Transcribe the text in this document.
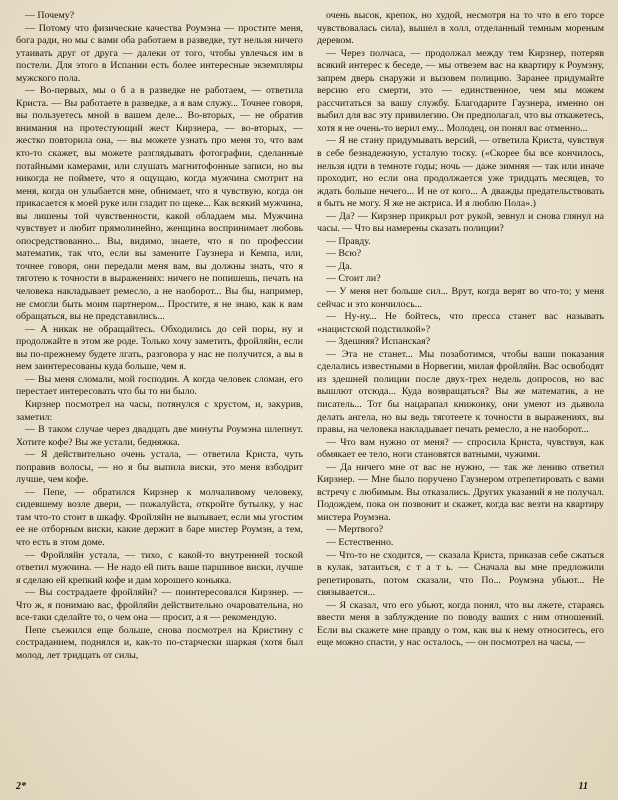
— Почему?

— Потому что физические качества Роумэна — простите меня, бога ради, но мы с вами оба работаем в разведке, тут нельзя ничего утаивать друг от друга — далеки от того, чтобы увлечься им в постели. Для этого в Испании есть более интересные экземпляры мужского пола.

— Во-первых, мы о б а в разведке не работаем, — ответила Криста. — Вы работаете в разведке, а я вам служу... Точнее говоря, вы пользуетесь мной в вашем деле... Во-вторых, — не обратив внимания на протестующий жест Кирзнера, — во-вторых, — жестко повторила она, — вы можете узнать про меня то, что вам кто-то скажет, вы можете разглядывать фотографии, сделанные потайными камерами, или слушать магнитофонные записи, но вы никогда не поймете, что я ощущаю, когда мужчина смотрит на меня, когда он улыбается мне, обнимает, что я чувствую, когда он прикасается к моей руке или гладит по щеке... Как всякий мужчина, вы лишены той чувственности, какой обладаем мы. Мужчина чувствует и любит прямолинейно, женщина воспринимает любовь опосредствованно... Вы, видимо, знаете, что я по профессии математик, так что, если вы замените Гаузнера и Кемпа, или, точнее говоря, они передали меня вам, вы должны знать, что я тяготею к точности в выражениях: ничего не попишешь, печать на человека накладывает ремесло, а не наоборот... Вы бы, например, не смогли быть моим партнером... Простите, я не знаю, как к вам обращаться, вы не представились...

— А никак не обращайтесь. Обходились до сей поры, ну и продолжайте в этом же роде. Только хочу заметить, фройляйн, если вы по-прежнему будете лгать, разговора у нас не получится, а вы в нем заинтересованы куда больше, чем я.

— Вы меня сломали, мой господин. А когда человек сломан, его перестает интересовать что бы то ни было.

Кирзнер посмотрел на часы, потянулся с хрустом, и, закурив, заметил:

— В таком случае через двадцать две минуты Роумэна шлепнут. Хотите кофе? Вы же устали, бедняжка.

— Я действительно очень устала, — ответила Криста, чуть поправив волосы, — но я бы выпила виски, это меня взбодрит лучше, чем кофе.

— Пепе, — обратился Кирзнер к молчаливому человеку, сидевшему возле двери, — пожалуйста, откройте бутылку, у нас там что-то стоит в шкафу. Фройляйн не вызывает, если мы угостим ее не отборным виски, какие держит в баре мистер Роумэн, а тем, что есть в этом доме.

— Фройляйн устала, — тихо, с какой-то внутренней тоской ответил мужчина. — Не надо ей пить ваше паршивое виски, лучше я сделаю ей крепкий кофе и дам хорошего коньяка.

— Вы сострадаете фройляйн? — поинтересовался Кирзнер. — Что ж, я понимаю вас, фройляйн действительно очаровательна, но все-таки сделайте то, о чем она — просит, а я — рекомендую.

Пепе съежился еще больше, снова посмотрел на Кристину с состраданием, поднялся и, как-то по-старчески шаркая (хотя был молод, лет тридцать от силы,

очень высок, крепок, но худой, несмотря на то что в его торсе чувствовалась сила), вышел в холл, отделанный темным мореным деревом.

— Через полчаса, — продолжал между тем Кирзнер, потеряв всякий интерес к беседе, — мы отвезем вас на квартиру к Роумэну, запрем дверь снаружи и вызовем полицию. Заранее придумайте версию его смерти, это — единственное, чем мы можем рассчитаться за вашу службу. Благодарите Гаузнера, именно он выбил для вас эту привилегию. Он предполагал, что вы откажетесь, хотя я не очень-то верил ему... Молодец, он понял вас отменно...

— Я не стану придумывать версий, — ответила Криста, чувствуя в себе безнадежную, усталую тоску. («Скорее бы все кончилось, нельзя идти в темноте годы; ночь — даже зимняя — так или иначе проходит, но если она продолжается уже тридцать месяцев, то ждать больше нечего... И не от кого... А дважды предательствовать я быть не могу. Я же не актриса. И я люблю Пола».)

— Да? — Кирзнер прикрыл рот рукой, зевнул и снова глянул на часы. — Что вы намерены сказать полиции?

— Правду.

— Всю?

— Да.

— Стоит ли?

— У меня нет больше сил... Врут, когда верят во что-то; у меня сейчас и это кончилось...

— Ну-ну... Не бойтесь, что пресса станет вас называть «нацистской подстилкой»?

— Здешняя? Испанская?

— Эта не станет... Мы позаботимся, чтобы ваши показания сделались известными в Норвегии, милая фройляйн. Вас освободят из здешней полиции после двух-трех недель допросов, но вас вышлют отсюда... Куда возвращаться? Вы же математик, а не писатель... Тот бы нацарапал книжонку, они умеют из дьявола делать ангела, но вы ведь тяготеете к точности в выражениях, вы правы, на человека накладывает печать ремесло, а не наоборот...

— Что вам нужно от меня? — спросила Криста, чувствуя, как обмякает ее тело, ноги становятся ватными, чужими.

— Да ничего мне от вас не нужно, — так же лениво ответил Кирзнер. — Мне было поручено Гаузнером отрепетировать с вами встречу с любимым. Вы отказались. Других указаний я не получал. Подождем, пока он позвонит и скажет, когда вас везти на квартиру мистера Роумэна.

— Мертвого?

— Естественно.

— Что-то не сходится, — сказала Криста, приказав себе сжаться в кулак, затаиться, с т а т ь. — Сначала вы мне предложили репетировать, потом сказали, что По... Роумэна убьют... Не связывается...

— Я сказал, что его убьют, когда понял, что вы лжете, стараясь ввести меня в заблуждение по поводу ваших с ним отношений. Если вы скажете мне правду о том, как вы к нему относитесь, его еще можно спасти, у нас осталось, — он посмотрел на часы, —

2*	11
